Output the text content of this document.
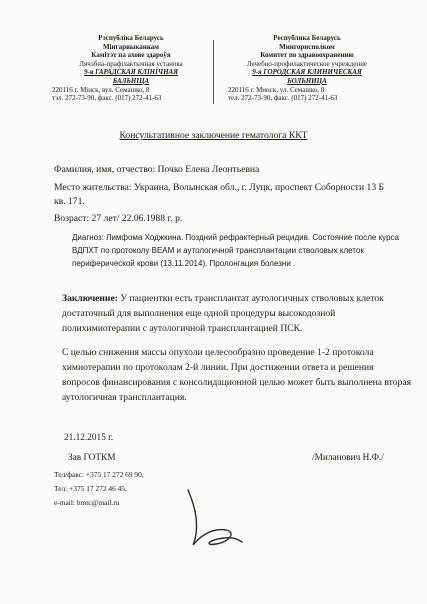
Рэспубліка Беларусь
Мінгарвыканкам
Камітэт па ахове здароўя
Лячэбна-прафілактычная установа
9-я ГАРАДСКАЯ КЛІНІЧНАЯ
БАЛЬНІЦА
220116 г. Мінск, вул. Семашко, 8
тэл. 272-73-90, факс. (017) 272-41-63
Республика Беларусь
Мингорисполком
Комитет по здравоохранению
Лечебно-профилактическое учреждение
9-я ГОРОДСКАЯ КЛИНИЧЕСКАЯ
БОЛЬНИЦА
220116 г. Минск, ул. Семашко, 8
тел. 272-73-90, факс. (017) 272-41-63
Консультативное заключение гематолога ККТ
Фамилия, имя, отчество: Почко Елена Леонтьевна
Место жительства: Украина, Волынская обл., г. Луцк, проспект Соборности 13 Б
кв. 171.
Возраст: 27 лет/ 22.06.1988 г. р.
Диагноз: Лимфома Ходжкина. Поздний рефрактерный рецидив. Состояние после курса
ВДПХТ по протоколу BEAM и аутологичной трансплантации стволовых клеток
периферической крови (13.11.2014). Пролонгация болезни .
Заключение: У пациентки есть трансплантат аутологичных стволовых клеток
достаточный для выполнения еще одной процедуры высокодозной
полихимиотерапии с аутологичной трансплантацией ПСК.
С целью снижения массы опухоли целесообразно проведение 1-2 протокола
химиотерапии по протоколам 2-й линии. При достижении ответа и решения
вопросов финансирования с консолидационной целью может быть выполнена вторая
аутологичная трансплантация.
21.12.2015 г.
Зав ГОТКМ	/Миланович Н.Ф./
Тел/факс: +375 17 272 69 90,
Тел: +375 17 272 46 45,
e-mail: bmtc@mail.ru
